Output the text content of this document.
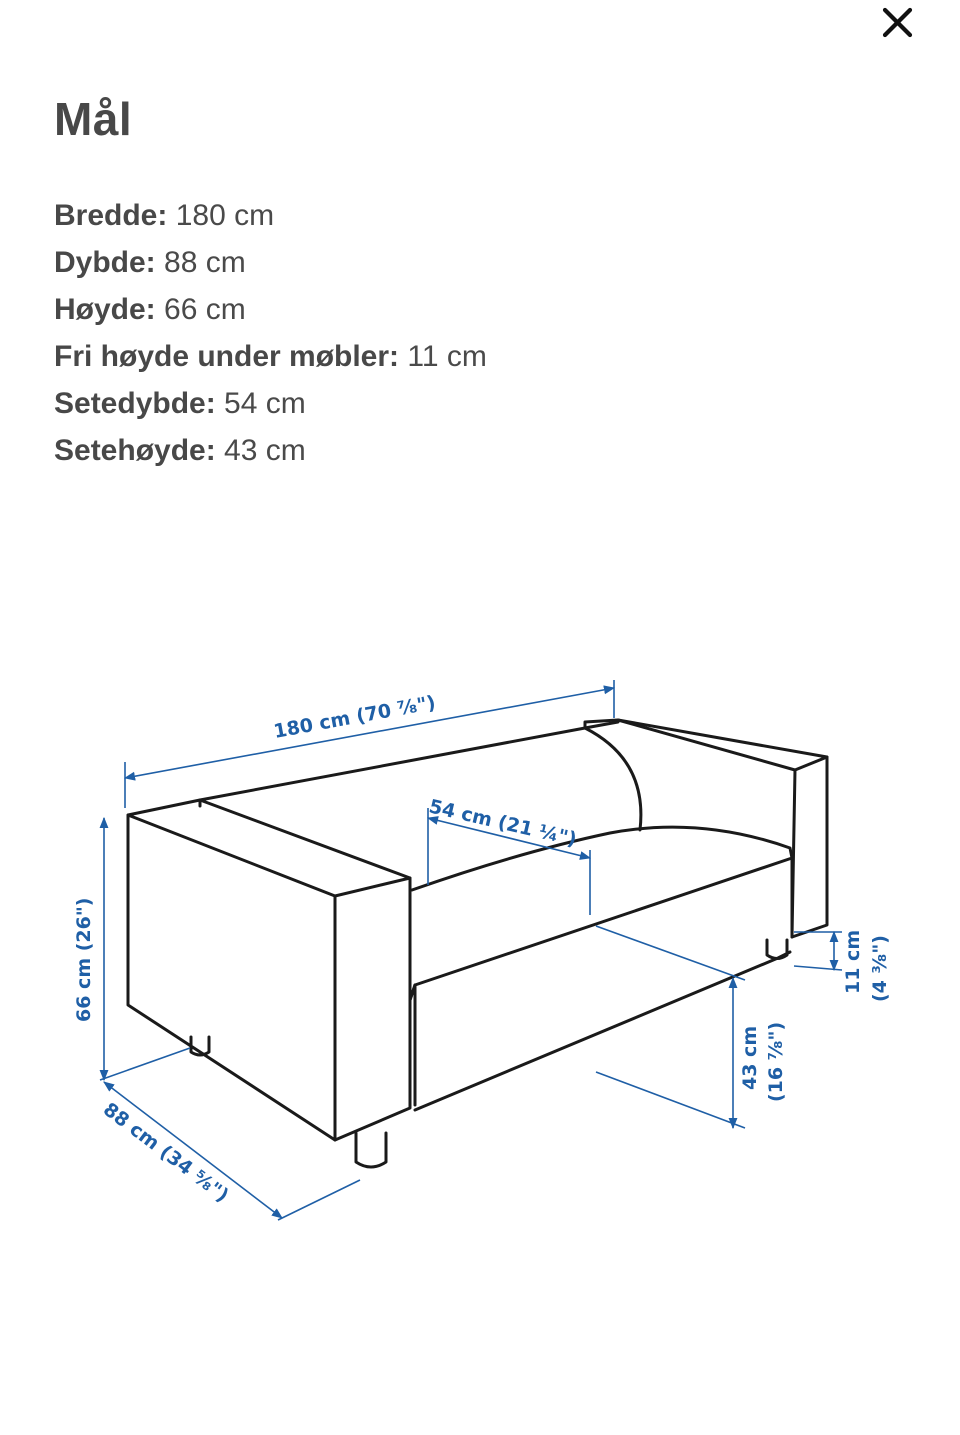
Mål
Bredde: 180 cm
Dybde: 88 cm
Høyde: 66 cm
Fri høyde under møbler: 11 cm
Setedybde: 54 cm
Setehøyde: 43 cm
180 cm (70 ⁷⁄₈")
54 cm (21 ¼")
66 cm (26")
88 cm (34 ⁵⁄₈")
43 cm (16 ⁷⁄₈")
11 cm (4 ³⁄₈")
